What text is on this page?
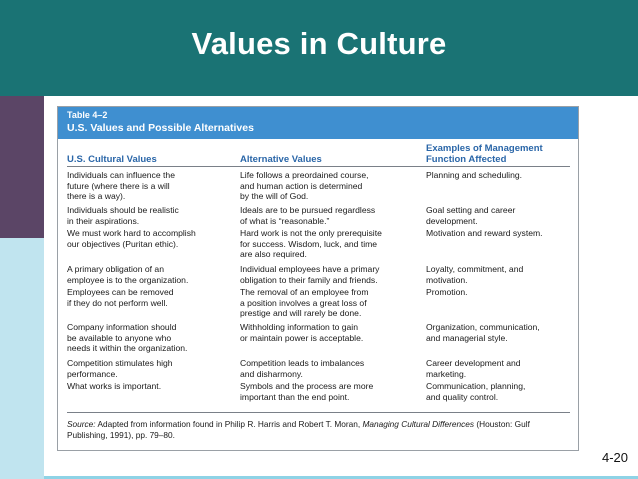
Values in Culture
4-20
Table 4–2
U.S. Values and Possible Alternatives
U.S. Cultural Values	Alternative Values
Examples of Management
Function Affected
Individuals can influence the
future (where there is a will
there is a way).
Life follows a preordained course,
and human action is determined
by the will of God.
Planning and scheduling.
Individuals should be realistic
in their aspirations.
Ideals are to be pursued regardless
of what is “reasonable.”
Goal setting and career
development.
We must work hard to accomplish
our objectives (Puritan ethic).
Hard work is not the only prerequisite
for success. Wisdom, luck, and time
are also required.
Motivation and reward system.
A primary obligation of an
employee is to the organization.
Individual employees have a primary
obligation to their family and friends.
Loyalty, commitment, and
motivation.
Employees can be removed
if they do not perform well.
The removal of an employee from
a position involves a great loss of
prestige and will rarely be done.
Promotion.
Company information should
be available to anyone who
needs it within the organization.
Withholding information to gain
or maintain power is acceptable.
Organization, communication,
and managerial style.
Competition stimulates high
performance.
Competition leads to imbalances
and disharmony.
Career development and
marketing.
What works is important.	Symbols and the process are more
important than the end point.
Communication, planning,
and quality control.
Source: Adapted from information found in Philip R. Harris and Robert T. Moran, Managing Cultural Differences (Houston: Gulf Publishing, 1991), pp. 79–80.
